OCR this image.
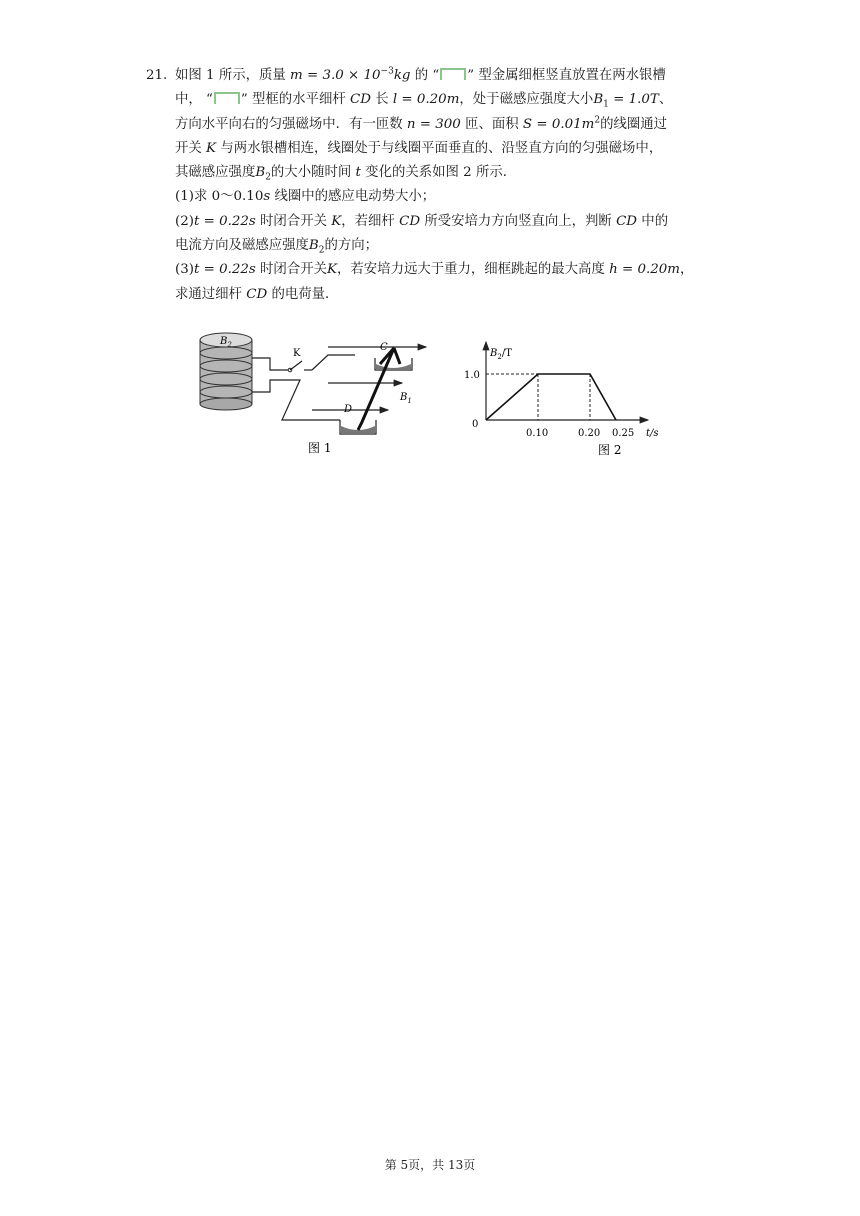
21. 如图 1 所示，质量 $m = 3.0 \times 10^{-3}kg$ 的 “ ” 型金属细框竖直放置在两水银槽
中， “ ” 型框的水平细杆 CD 长 l = 0.20m，处于磁感应强度大小$B_1 = 1.0T$、
方向水平向右的匀强磁场中．有一匝数 n = 300 匝、面积 $S = 0.01m^2$的线圈通过
开关 K 与两水银槽相连，线圈处于与线圈平面垂直的、沿竖直方向的匀强磁场中，
其磁感应强度$B_2$的大小随时间 t 变化的关系如图 2 所示．
(1)求 0～0.10s 线圈中的感应电动势大小；
(2)t = 0.22s 时闭合开关 K，若细杆 CD 所受安培力方向竖直向上，判断 CD 中的
电流方向及磁感应强度$B_2$的方向；
(3)t = 0.22s 时闭合开关K，若安培力远大于重力，细框跳起的最大高度 h = 0.20m，
求通过细杆 CD 的电荷量．
$B_2$
K
$B_1$
C
D
图 1
$B_2/T$
t/s
0
1.0
0.10	0.20 0.25
图 2
第 5页，共 13页
